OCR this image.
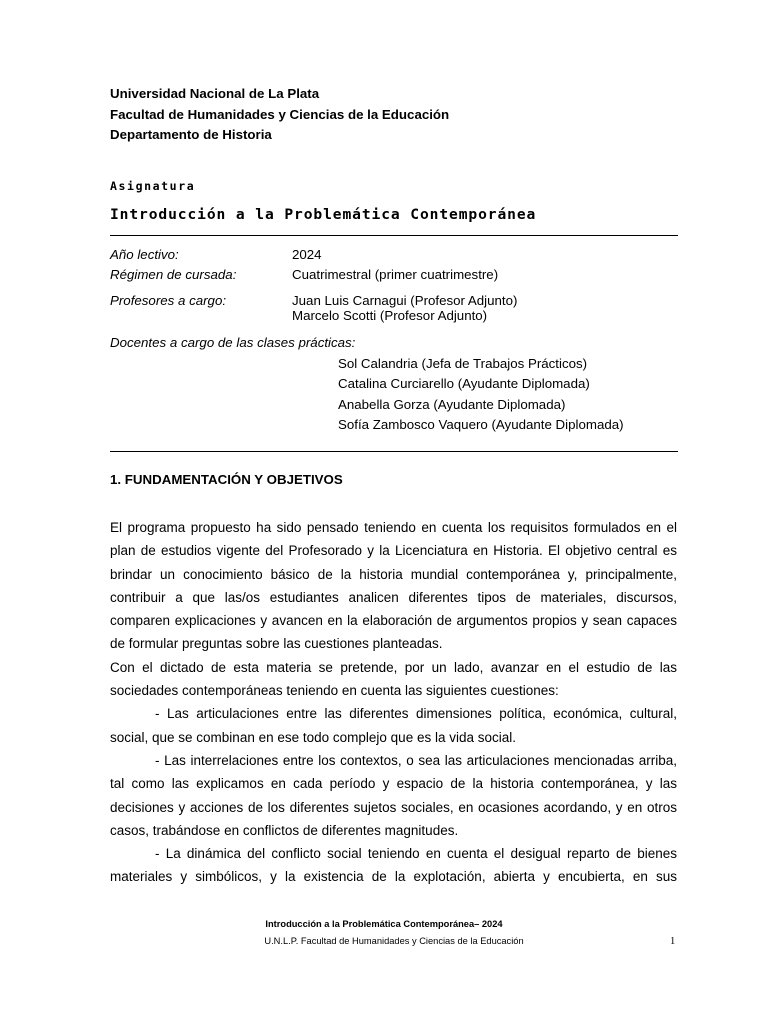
Universidad Nacional de La Plata
Facultad de Humanidades y Ciencias de la Educación
Departamento de Historia
Asignatura
Introducción a la Problemática Contemporánea
Año lectivo:	2024
Régimen de cursada:	Cuatrimestral (primer cuatrimestre)
Profesores a cargo:	Juan Luis Carnagui (Profesor Adjunto)
Marcelo Scotti (Profesor Adjunto)
Docentes a cargo de las clases prácticas:
Sol Calandria (Jefa de Trabajos Prácticos)
Catalina Curciarello (Ayudante Diplomada)
Anabella Gorza (Ayudante Diplomada)
Sofía Zambosco Vaquero (Ayudante Diplomada)
1. FUNDAMENTACIÓN Y OBJETIVOS

El programa propuesto ha sido pensado teniendo en cuenta los requisitos formulados en el plan de estudios vigente del Profesorado y la Licenciatura en Historia. El objetivo central es brindar un conocimiento básico de la historia mundial contemporánea y, principalmente, contribuir a que las/os estudiantes analicen diferentes tipos de materiales, discursos, comparen explicaciones y avancen en la elaboración de argumentos propios y sean capaces de formular preguntas sobre las cuestiones planteadas.

Con el dictado de esta materia se pretende, por un lado, avanzar en el estudio de las sociedades contemporáneas teniendo en cuenta las siguientes cuestiones:

- Las articulaciones entre las diferentes dimensiones política, económica, cultural, social, que se combinan en ese todo complejo que es la vida social.

- Las interrelaciones entre los contextos, o sea las articulaciones mencionadas arriba, tal como las explicamos en cada período y espacio de la historia contemporánea, y las decisiones y acciones de los diferentes sujetos sociales, en ocasiones acordando, y en otros casos, trabándose en conflictos de diferentes magnitudes.

- La dinámica del conflicto social teniendo en cuenta el desigual reparto de bienes materiales y simbólicos, y la existencia de la explotación, abierta y encubierta, en sus

Introducción a la Problemática Contemporánea– 2024
U.N.L.P. Facultad de Humanidades y Ciencias de la Educación	1
